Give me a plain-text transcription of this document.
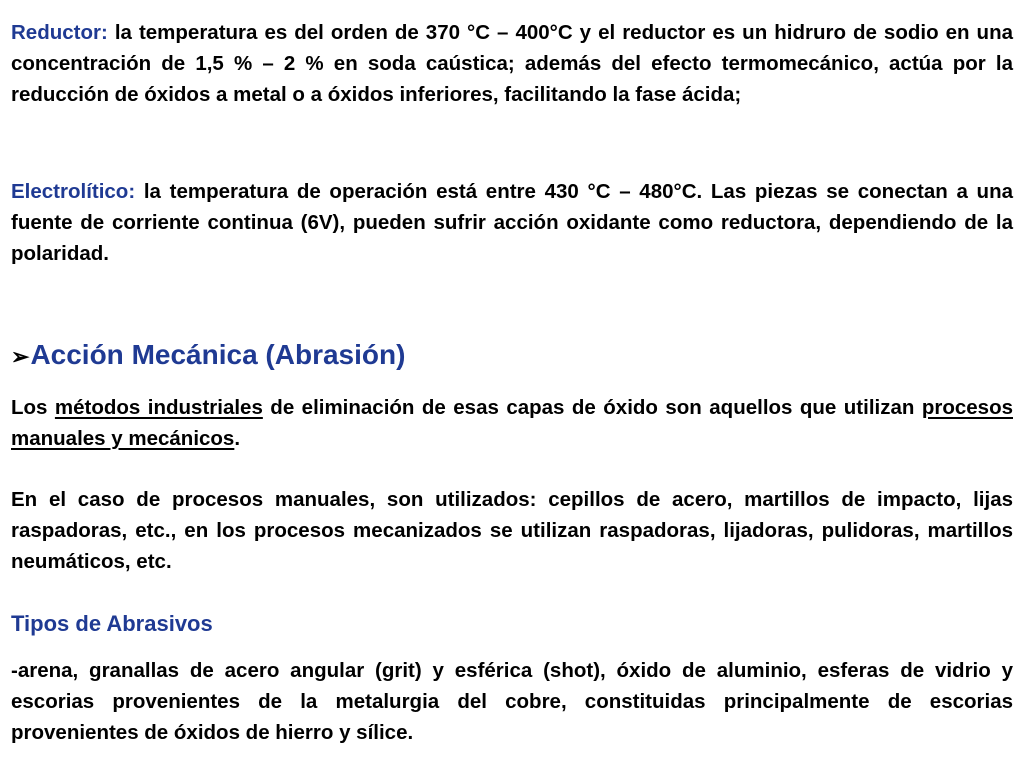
Reductor: la temperatura es del orden de 370 °C – 400°C y el reductor es un hidruro de sodio en una concentración de 1,5 % – 2 % en soda caústica; además del efecto termomecánico, actúa por la reducción de óxidos a metal o a óxidos inferiores, facilitando la fase ácida;

Electrolítico: la temperatura de operación está entre 430 °C – 480°C. Las piezas se conectan a una fuente de corriente continua (6V), pueden sufrir acción oxidante como reductora, dependiendo de la polaridad.

➢Acción Mecánica (Abrasión)

Los métodos industriales de eliminación de esas capas de óxido son aquellos que utilizan procesos manuales y mecánicos.

En el caso de procesos manuales, son utilizados: cepillos de acero, martillos de impacto, lijas raspadoras, etc., en los procesos mecanizados se utilizan raspadoras, lijadoras, pulidoras, martillos neumáticos, etc.

Tipos de Abrasivos

-arena, granallas de acero angular (grit) y esférica (shot), óxido de aluminio, esferas de vidrio y escorias provenientes de la metalurgia del cobre, constituidas principalmente de escorias provenientes de óxidos de hierro y sílice.
